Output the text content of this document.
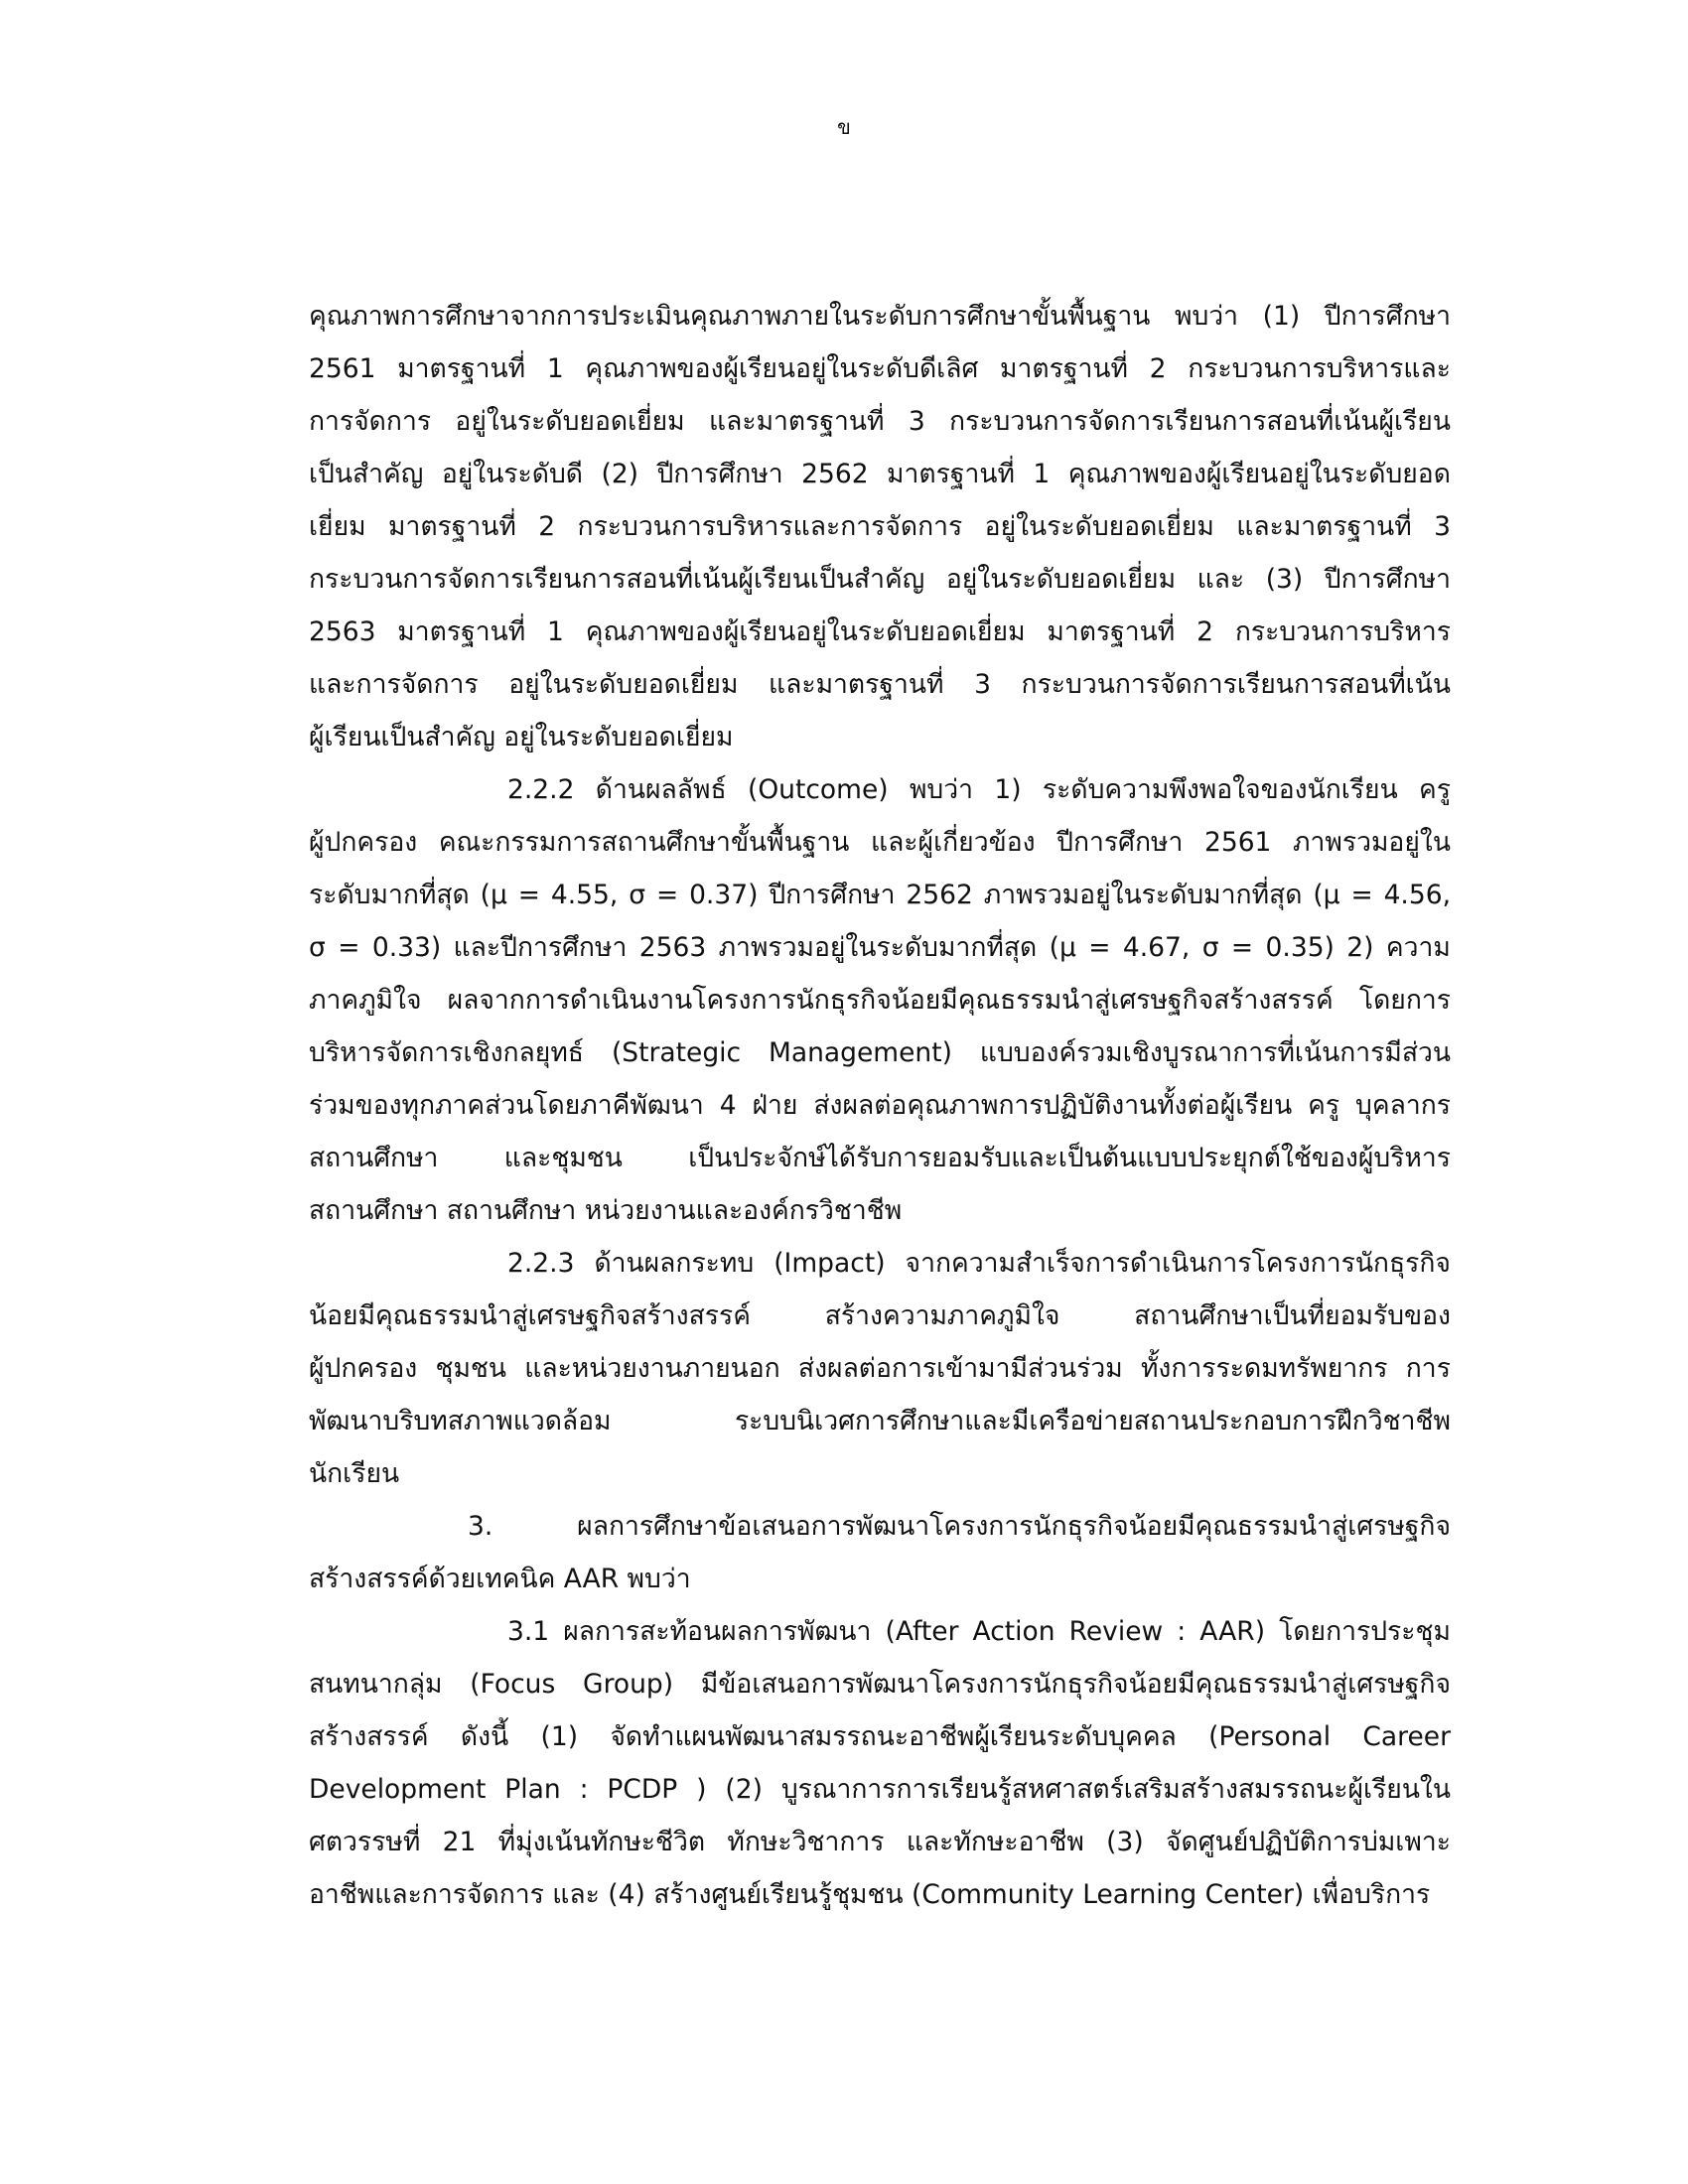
ข
คุณภาพการศึกษาจากการประเมินคุณภาพภายในระดับการศึกษาขั้นพื้นฐาน พบว่า (1) ปีการศึกษา
2561 มาตรฐานที่ 1 คุณภาพของผู้เรียนอยู่ในระดับดีเลิศ มาตรฐานที่ 2 กระบวนการบริหารและ
การจัดการ อยู่ในระดับยอดเยี่ยม และมาตรฐานที่ 3 กระบวนการจัดการเรียนการสอนที่เน้นผู้เรียน
เป็นสำคัญ อยู่ในระดับดี (2) ปีการศึกษา 2562 มาตรฐานที่ 1 คุณภาพของผู้เรียนอยู่ในระดับยอด
เยี่ยม มาตรฐานที่ 2 กระบวนการบริหารและการจัดการ อยู่ในระดับยอดเยี่ยม และมาตรฐานที่ 3
กระบวนการจัดการเรียนการสอนที่เน้นผู้เรียนเป็นสำคัญ อยู่ในระดับยอดเยี่ยม และ (3) ปีการศึกษา
2563 มาตรฐานที่ 1 คุณภาพของผู้เรียนอยู่ในระดับยอดเยี่ยม มาตรฐานที่ 2 กระบวนการบริหาร
และการจัดการ อยู่ในระดับยอดเยี่ยม และมาตรฐานที่ 3 กระบวนการจัดการเรียนการสอนที่เน้น
ผู้เรียนเป็นสำคัญ อยู่ในระดับยอดเยี่ยม
2.2.2 ด้านผลลัพธ์ (Outcome) พบว่า 1) ระดับความพึงพอใจของนักเรียน ครู
ผู้ปกครอง คณะกรรมการสถานศึกษาขั้นพื้นฐาน และผู้เกี่ยวข้อง ปีการศึกษา 2561 ภาพรวมอยู่ใน
ระดับมากที่สุด (μ = 4.55, σ = 0.37) ปีการศึกษา 2562 ภาพรวมอยู่ในระดับมากที่สุด (μ = 4.56,
σ = 0.33) และปีการศึกษา 2563 ภาพรวมอยู่ในระดับมากที่สุด (μ = 4.67, σ = 0.35) 2) ความ
ภาคภูมิใจ ผลจากการดำเนินงานโครงการนักธุรกิจน้อยมีคุณธรรมนำสู่เศรษฐกิจสร้างสรรค์ โดยการ
บริหารจัดการเชิงกลยุทธ์ (Strategic Management) แบบองค์รวมเชิงบูรณาการที่เน้นการมีส่วน
ร่วมของทุกภาคส่วนโดยภาคีพัฒนา 4 ฝ่าย ส่งผลต่อคุณภาพการปฏิบัติงานทั้งต่อผู้เรียน ครู บุคลากร
สถานศึกษา	และชุมชน	เป็นประจักษ์ได้รับการยอมรับและเป็นต้นแบบประยุกต์ใช้ของผู้บริหาร
สถานศึกษา สถานศึกษา หน่วยงานและองค์กรวิชาชีพ
2.2.3 ด้านผลกระทบ (Impact) จากความสำเร็จการดำเนินการโครงการนักธุรกิจ
น้อยมีคุณธรรมนำสู่เศรษฐกิจสร้างสรรค์	สร้างความภาคภูมิใจ	สถานศึกษาเป็นที่ยอมรับของ
ผู้ปกครอง ชุมชน และหน่วยงานภายนอก ส่งผลต่อการเข้ามามีส่วนร่วม ทั้งการระดมทรัพยากร การ
พัฒนาบริบทสภาพแวดล้อม	ระบบนิเวศการศึกษาและมีเครือข่ายสถานประกอบการฝึกวิชาชีพ
นักเรียน
3.	ผลการศึกษาข้อเสนอการพัฒนาโครงการนักธุรกิจน้อยมีคุณธรรมนำสู่เศรษฐกิจ
สร้างสรรค์ด้วยเทคนิค AAR พบว่า
3.1 ผลการสะท้อนผลการพัฒนา (After Action Review : AAR) โดยการประชุม
สนทนากลุ่ม (Focus Group) มีข้อเสนอการพัฒนาโครงการนักธุรกิจน้อยมีคุณธรรมนำสู่เศรษฐกิจ
สร้างสรรค์ ดังนี้ (1) จัดทำแผนพัฒนาสมรรถนะอาชีพผู้เรียนระดับบุคคล (Personal Career
Development Plan : PCDP ) (2) บูรณาการการเรียนรู้สหศาสตร์เสริมสร้างสมรรถนะผู้เรียนใน
ศตวรรษที่ 21 ที่มุ่งเน้นทักษะชีวิต ทักษะวิชาการ และทักษะอาชีพ (3) จัดศูนย์ปฏิบัติการบ่มเพาะ
อาชีพและการจัดการ และ (4) สร้างศูนย์เรียนรู้ชุมชน (Community Learning Center) เพื่อบริการ
